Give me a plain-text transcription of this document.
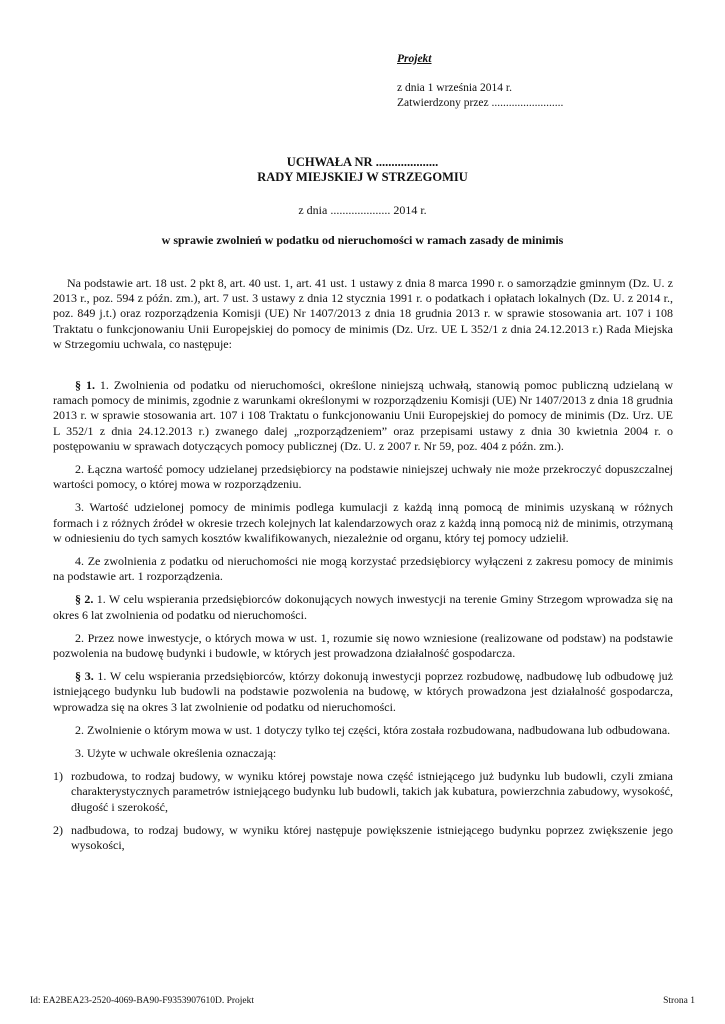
Projekt
z dnia 1 września 2014 r.
Zatwierdzony przez .........................
UCHWAŁA NR ....................
RADY MIEJSKIEJ W STRZEGOMIU
z dnia .................... 2014 r.
w sprawie zwolnień w podatku od nieruchomości w ramach zasady de minimis

Na podstawie art. 18 ust. 2 pkt 8, art. 40 ust. 1, art. 41 ust. 1 ustawy z dnia 8 marca 1990 r. o samorządzie gminnym (Dz. U. z 2013 r., poz. 594 z późn. zm.), art. 7 ust. 3 ustawy z dnia 12 stycznia 1991 r. o podatkach i opłatach lokalnych (Dz. U. z 2014 r., poz. 849 j.t.) oraz rozporządzenia Komisji (UE) Nr 1407/2013 z dnia 18 grudnia 2013 r. w sprawie stosowania art. 107 i 108 Traktatu o funkcjonowaniu Unii Europejskiej do pomocy de minimis (Dz. Urz. UE L 352/1 z dnia 24.12.2013 r.) Rada Miejska w Strzegomiu uchwala, co następuje:

§ 1. 1. Zwolnienia od podatku od nieruchomości, określone niniejszą uchwałą, stanowią pomoc publiczną udzielaną w ramach pomocy de minimis, zgodnie z warunkami określonymi w rozporządzeniu Komisji (UE) Nr 1407/2013 z dnia 18 grudnia 2013 r. w sprawie stosowania art. 107 i 108 Traktatu o funkcjonowaniu Unii Europejskiej do pomocy de minimis (Dz. Urz. UE L 352/1 z dnia 24.12.2013 r.) zwanego dalej „rozporządzeniem” oraz przepisami ustawy z dnia 30 kwietnia 2004 r. o postępowaniu w sprawach dotyczących pomocy publicznej (Dz. U. z 2007 r. Nr 59, poz. 404 z późn. zm.).

2. Łączna wartość pomocy udzielanej przedsiębiorcy na podstawie niniejszej uchwały nie może przekroczyć dopuszczalnej wartości pomocy, o której mowa w rozporządzeniu.

3. Wartość udzielonej pomocy de minimis podlega kumulacji z każdą inną pomocą de minimis uzyskaną w różnych formach i z różnych źródeł w okresie trzech kolejnych lat kalendarzowych oraz z każdą inną pomocą niż de minimis, otrzymaną w odniesieniu do tych samych kosztów kwalifikowanych, niezależnie od organu, który tej pomocy udzielił.

4. Ze zwolnienia z podatku od nieruchomości nie mogą korzystać przedsiębiorcy wyłączeni z zakresu pomocy de minimis na podstawie art. 1 rozporządzenia.

§ 2. 1. W celu wspierania przedsiębiorców dokonujących nowych inwestycji na terenie Gminy Strzegom wprowadza się na okres 6 lat zwolnienia od podatku od nieruchomości.

2. Przez nowe inwestycje, o których mowa w ust. 1, rozumie się nowo wzniesione (realizowane od podstaw) na podstawie pozwolenia na budowę budynki i budowle, w których jest prowadzona działalność gospodarcza.

§ 3. 1. W celu wspierania przedsiębiorców, którzy dokonują inwestycji poprzez rozbudowę, nadbudowę lub odbudowę już istniejącego budynku lub budowli na podstawie pozwolenia na budowę, w których prowadzona jest działalność gospodarcza, wprowadza się na okres 3 lat zwolnienie od podatku od nieruchomości.

2. Zwolnienie o którym mowa w ust. 1 dotyczy tylko tej części, która została rozbudowana, nadbudowana lub odbudowana.

3. Użyte w uchwale określenia oznaczają:

1) rozbudowa, to rodzaj budowy, w wyniku której powstaje nowa część istniejącego już budynku lub budowli, czyli zmiana charakterystycznych parametrów istniejącego budynku lub budowli, takich jak kubatura, powierzchnia zabudowy, wysokość, długość i szerokość,
2) nadbudowa, to rodzaj budowy, w wyniku której następuje powiększenie istniejącego budynku poprzez zwiększenie jego wysokości,
Id: EA2BEA23-2520-4069-BA90-F9353907610D. Projekt	Strona 1
